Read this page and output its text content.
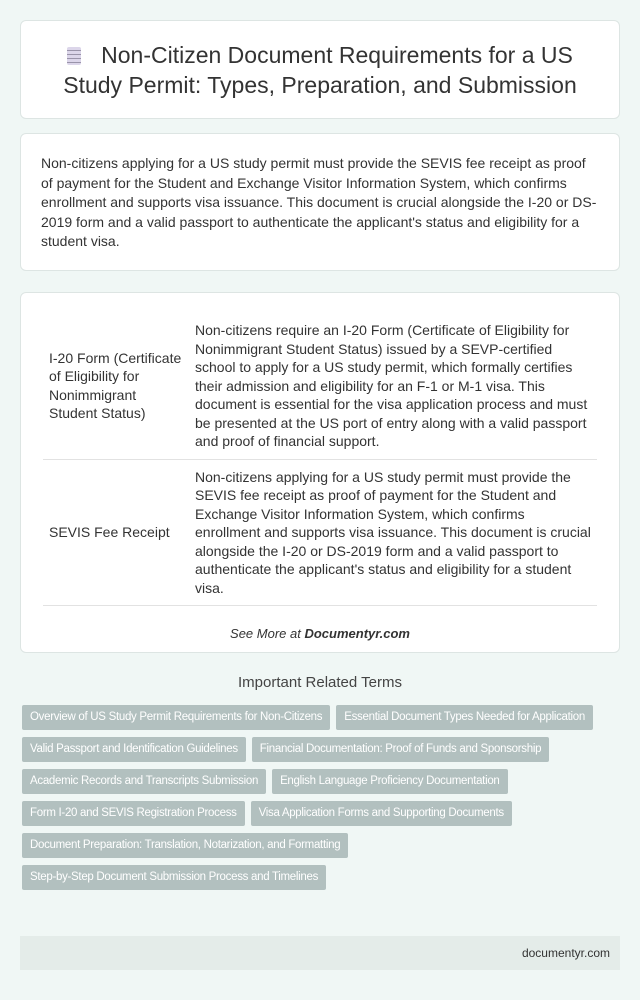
Non-Citizen Document Requirements for a US Study Permit: Types, Preparation, and Submission

Non-citizens applying for a US study permit must provide the SEVIS fee receipt as proof of payment for the Student and Exchange Visitor Information System, which confirms enrollment and supports visa issuance. This document is crucial alongside the I-20 or DS-2019 form and a valid passport to authenticate the applicant's status and eligibility for a student visa.

I-20 Form (Certificate of Eligibility for Nonimmigrant Student Status)	Non-citizens require an I-20 Form (Certificate of Eligibility for Nonimmigrant Student Status) issued by a SEVP-certified school to apply for a US study permit, which formally certifies their admission and eligibility for an F-1 or M-1 visa. This document is essential for the visa application process and must be presented at the US port of entry along with a valid passport and proof of financial support.
SEVIS Fee Receipt	Non-citizens applying for a US study permit must provide the SEVIS fee receipt as proof of payment for the Student and Exchange Visitor Information System, which confirms enrollment and supports visa issuance. This document is crucial alongside the I-20 or DS-2019 form and a valid passport to authenticate the applicant's status and eligibility for a student visa.
See More at Documentyr.com
Important Related Terms
Overview of US Study Permit Requirements for Non-Citizens	Essential Document Types Needed for Application
Valid Passport and Identification Guidelines	Financial Documentation: Proof of Funds and Sponsorship
Academic Records and Transcripts Submission	English Language Proficiency Documentation
Form I-20 and SEVIS Registration Process	Visa Application Forms and Supporting Documents
Document Preparation: Translation, Notarization, and Formatting
Step-by-Step Document Submission Process and Timelines
documentyr.com
